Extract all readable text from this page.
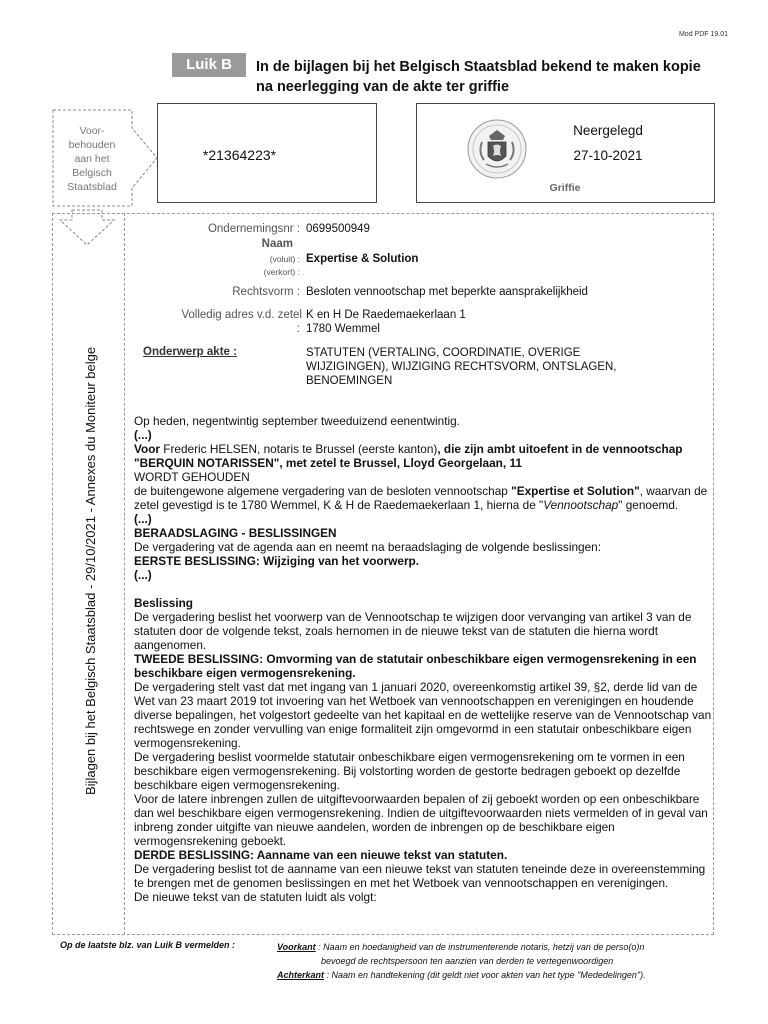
Mod PDF 19.01
Luik B	In de bijlagen bij het Belgisch Staatsblad bekend te maken kopie
na neerlegging van de akte ter griffie
Voor-
behouden
aan het
Belgisch
Staatsblad
*21364223*
Neergelegd
27-10-2021
Griffie
Bijlagen bij het Belgisch Staatsblad - 29/10/2021 - Annexes du Moniteur belge
Ondernemingsnr : 0699500949
Naam
(voluit) : Expertise & Solution
(verkort) :
Rechtsvorm : Besloten vennootschap met beperkte aansprakelijkheid
Volledig adres v.d. zetel K en H De Raedemaekerlaan 1
: 1780 Wemmel
Onderwerp akte :	STATUTEN (VERTALING, COORDINATIE, OVERIGE
WIJZIGINGEN), WIJZIGING RECHTSVORM, ONTSLAGEN,
BENOEMINGEN

Op heden, negentwintig september tweeduizend eenentwintig.

(...)

Voor Frederic HELSEN, notaris te Brussel (eerste kanton), die zijn ambt uitoefent in de vennootschap "BERQUIN NOTARISSEN", met zetel te Brussel, Lloyd Georgelaan, 11

WORDT GEHOUDEN

de buitengewone algemene vergadering van de besloten vennootschap "Expertise et Solution", waarvan de zetel gevestigd is te 1780 Wemmel, K & H de Raedemaekerlaan 1, hierna de "Vennootschap" genoemd.

(...)

BERAADSLAGING - BESLISSINGEN

De vergadering vat de agenda aan en neemt na beraadslaging de volgende beslissingen:

EERSTE BESLISSING: Wijziging van het voorwerp.

(...)

Beslissing

De vergadering beslist het voorwerp van de Vennootschap te wijzigen door vervanging van artikel 3 van de statuten door de volgende tekst, zoals hernomen in de nieuwe tekst van de statuten die hierna wordt aangenomen.

TWEEDE BESLISSING: Omvorming van de statutair onbeschikbare eigen vermogensrekening in een beschikbare eigen vermogensrekening.

De vergadering stelt vast dat met ingang van 1 januari 2020, overeenkomstig artikel 39, §2, derde lid van de Wet van 23 maart 2019 tot invoering van het Wetboek van vennootschappen en verenigingen en houdende diverse bepalingen, het volgestort gedeelte van het kapitaal en de wettelijke reserve van de Vennootschap van rechtswege en zonder vervulling van enige formaliteit zijn omgevormd in een statutair onbeschikbare eigen vermogensrekening.

De vergadering beslist voormelde statutair onbeschikbare eigen vermogensrekening om te vormen in een beschikbare eigen vermogensrekening. Bij volstorting worden de gestorte bedragen geboekt op dezelfde beschikbare eigen vermogensrekening.

Voor de latere inbrengen zullen de uitgiftevoorwaarden bepalen of zij geboekt worden op een onbeschikbare dan wel beschikbare eigen vermogensrekening. Indien de uitgiftevoorwaarden niets vermelden of in geval van inbreng zonder uitgifte van nieuwe aandelen, worden de inbrengen op de beschikbare eigen vermogensrekening geboekt.

DERDE BESLISSING: Aanname van een nieuwe tekst van statuten.

De vergadering beslist tot de aanname van een nieuwe tekst van statuten teneinde deze in overeenstemming te brengen met de genomen beslissingen en met het Wetboek van vennootschappen en verenigingen.

De nieuwe tekst van de statuten luidt als volgt:

Op de laatste blz. van Luik B vermelden :	Voorkant : Naam en hoedanigheid van de instrumenterende notaris, hetzij van de perso(o)n
bevoegd de rechtspersoon ten aanzien van derden te vertegenwoordigen
Achterkant : Naam en handtekening (dit geldt niet voor akten van het type "Mededelingen").
